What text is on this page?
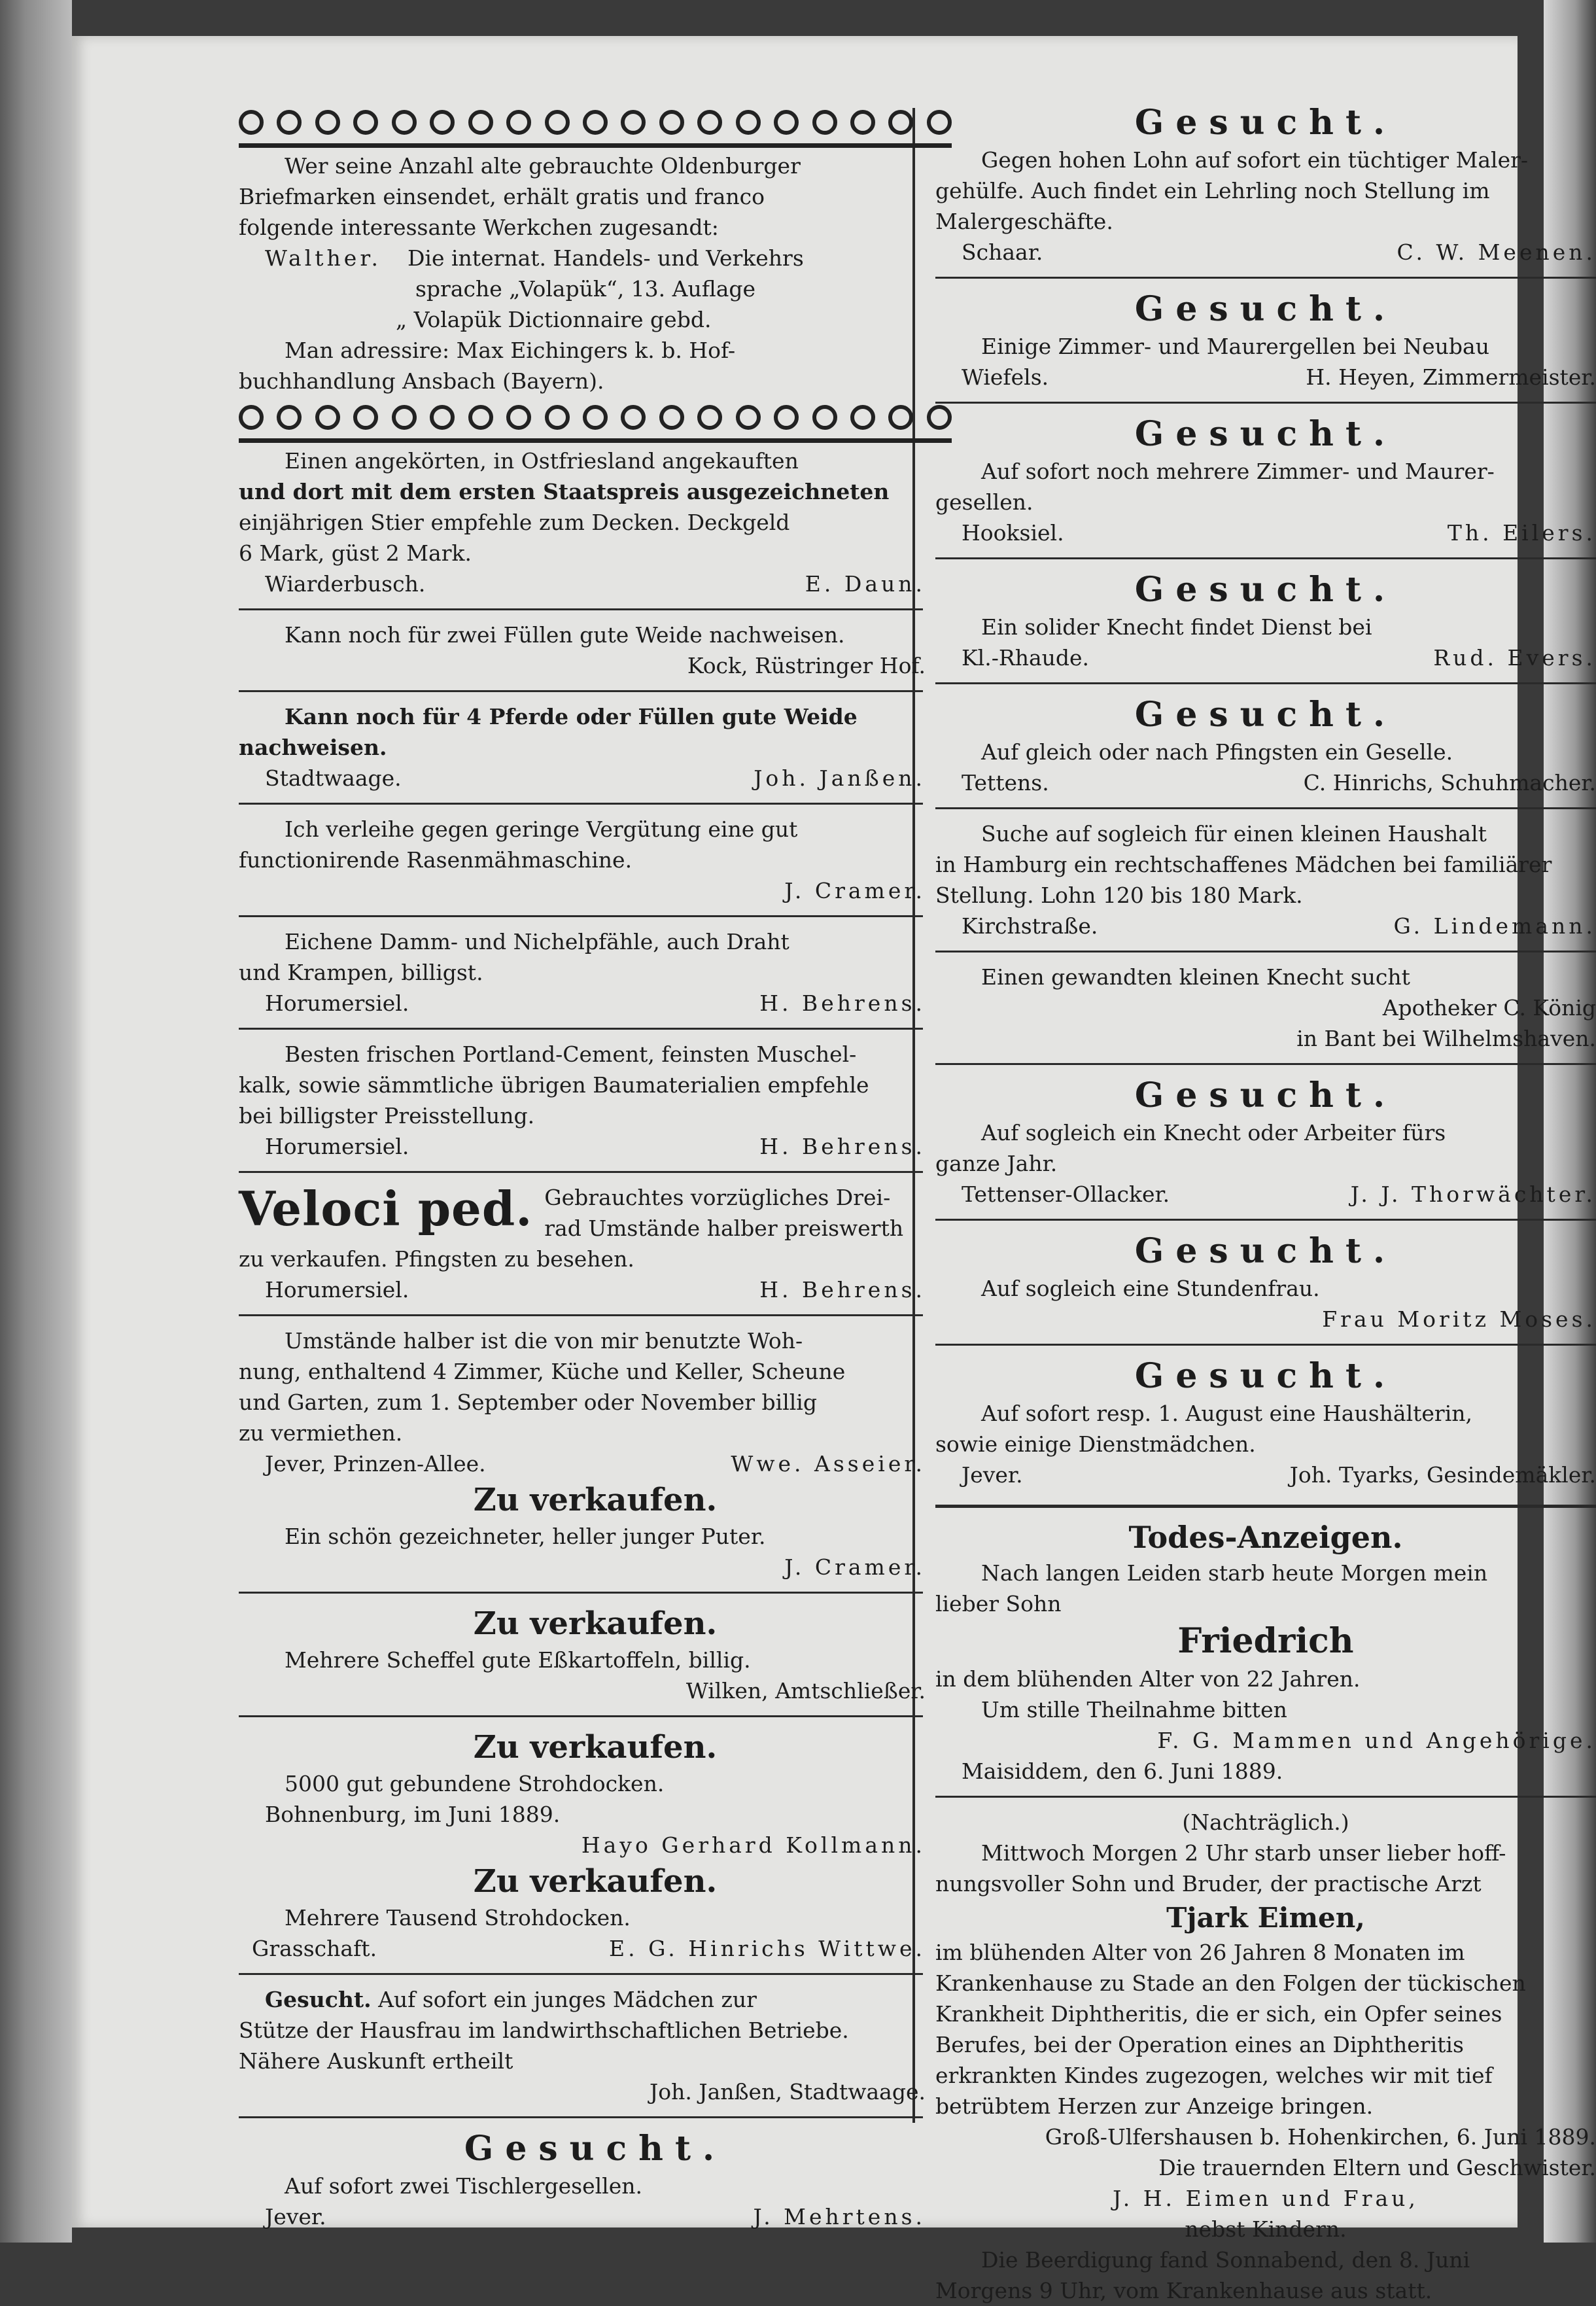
Wer seine Anzahl alte gebrauchte Oldenburger

Briefmarken einsendet, erhält gratis und franco

folgende interessante Werkchen zugesandt:

Walther. Die internat. Handels- und Verkehrs

sprache „Volapük“, 13. Auflage

„ Volapük Dictionnaire gebd.

Man adressire: Max Eichingers k. b. Hof-

buchhandlung Ansbach (Bayern).

Einen angekörten, in Ostfriesland angekauften

und dort mit dem ersten Staatspreis ausgezeichneten

einjährigen Stier empfehle zum Decken. Deckgeld

6 Mark, güst 2 Mark.

Wiarderbusch.	E. Daun.

Kann noch für zwei Füllen gute Weide nachweisen.

Kock, Rüstringer Hof.

Kann noch für 4 Pferde oder Füllen gute Weide

nachweisen.

Stadtwaage.	Joh. Janßen.

Ich verleihe gegen geringe Vergütung eine gut

functionirende Rasenmähmaschine.

J. Cramer.

Eichene Damm- und Nichelpfähle, auch Draht

und Krampen, billigst.

Horumersiel.	H. Behrens.

Besten frischen Portland-Cement, feinsten Muschel-

kalk, sowie sämmtliche übrigen Baumaterialien empfehle

bei billigster Preisstellung.

Horumersiel.	H. Behrens.
Veloci ped. Gebrauchtes vorzügliches Drei-

rad Umstände halber preiswerth

zu verkaufen. Pfingsten zu besehen.

Horumersiel.	H. Behrens.

Umstände halber ist die von mir benutzte Woh-

nung, enthaltend 4 Zimmer, Küche und Keller, Scheune

und Garten, zum 1. September oder November billig

zu vermiethen.

Jever, Prinzen-Allee.	Wwe. Asseier.

Zu verkaufen.

Ein schön gezeichneter, heller junger Puter.

J. Cramer.

Zu verkaufen.

Mehrere Scheffel gute Eßkartoffeln, billig.

Wilken, Amtschließer.

Zu verkaufen.

5000 gut gebundene Strohdocken.

Bohnenburg, im Juni 1889.

Hayo Gerhard Kollmann.

Zu verkaufen.

Mehrere Tausend Strohdocken.

Grasschaft.	E. G. Hinrichs Wittwe.

Gesucht. Auf sofort ein junges Mädchen zur

Stütze der Hausfrau im landwirthschaftlichen Betriebe.

Nähere Auskunft ertheilt

Joh. Janßen, Stadtwaage.

Gesucht.

Auf sofort zwei Tischlergesellen.

Jever.	J. Mehrtens.

Gesucht.

Gegen hohen Lohn auf sofort ein tüchtiger Maler-

gehülfe. Auch findet ein Lehrling noch Stellung im

Malergeschäfte.

Schaar.	C. W. Meenen.

Gesucht.

Einige Zimmer- und Maurergellen bei Neubau

Wiefels.	H. Heyen, Zimmermeister.

Gesucht.

Auf sofort noch mehrere Zimmer- und Maurer-

gesellen.

Hooksiel.	Th. Eilers.

Gesucht.

Ein solider Knecht findet Dienst bei

Kl.-Rhaude.	Rud. Evers.

Gesucht.

Auf gleich oder nach Pfingsten ein Geselle.

Tettens.	C. Hinrichs, Schuhmacher.

Suche auf sogleich für einen kleinen Haushalt

in Hamburg ein rechtschaffenes Mädchen bei familiärer

Stellung. Lohn 120 bis 180 Mark.

Kirchstraße.	G. Lindemann.

Einen gewandten kleinen Knecht sucht

Apotheker C. König

in Bant bei Wilhelmshaven.

Gesucht.

Auf sogleich ein Knecht oder Arbeiter fürs

ganze Jahr.

Tettenser-Ollacker.	J. J. Thorwächter.

Gesucht.

Auf sogleich eine Stundenfrau.

Frau Moritz Moses.

Gesucht.

Auf sofort resp. 1. August eine Haushälterin,

sowie einige Dienstmädchen.

Jever.	Joh. Tyarks, Gesindemäkler.

Todes-Anzeigen.

Nach langen Leiden starb heute Morgen mein

lieber Sohn

Friedrich

in dem blühenden Alter von 22 Jahren.

Um stille Theilnahme bitten

F. G. Mammen und Angehörige.

Maisiddem, den 6. Juni 1889.

(Nachträglich.)

Mittwoch Morgen 2 Uhr starb unser lieber hoff-

nungsvoller Sohn und Bruder, der practische Arzt

Tjark Eimen,

im blühenden Alter von 26 Jahren 8 Monaten im

Krankenhause zu Stade an den Folgen der tückischen

Krankheit Diphtheritis, die er sich, ein Opfer seines

Berufes, bei der Operation eines an Diphtheritis

erkrankten Kindes zugezogen, welches wir mit tief

betrübtem Herzen zur Anzeige bringen.

Groß-Ulfershausen b. Hohenkirchen, 6. Juni 1889.

Die trauernden Eltern und Geschwister.

J. H. Eimen und Frau,

nebst Kindern.

Die Beerdigung fand Sonnabend, den 8. Juni

Morgens 9 Uhr, vom Krankenhause aus statt.
